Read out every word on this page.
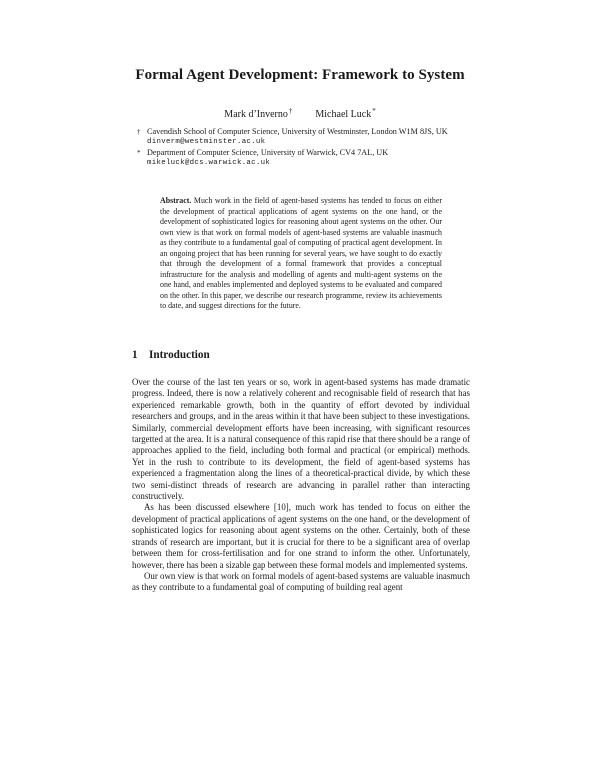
Formal Agent Development: Framework to System
Mark d’Inverno† Michael Luck*
† Cavendish School of Computer Science, University of Westminster, London W1M 8JS, UK
dinverm@westminster.ac.uk
* Department of Computer Science, University of Warwick, CV4 7AL, UK
mikeluck@dcs.warwick.ac.uk
Abstract. Much work in the field of agent-based systems has tended to focus on either the development of practical applications of agent systems on the one hand, or the development of sophisticated logics for reasoning about agent systems on the other. Our own view is that work on formal models of agent-based systems are valuable inasmuch as they contribute to a fundamental goal of computing of practical agent development. In an ongoing project that has been running for several years, we have sought to do exactly that through the development of a formal framework that provides a conceptual infrastructure for the analysis and modelling of agents and multi-agent systems on the one hand, and enables implemented and deployed systems to be evaluated and compared on the other. In this paper, we describe our research programme, review its achievements to date, and suggest directions for the future.
1 Introduction

Over the course of the last ten years or so, work in agent-based systems has made dramatic progress. Indeed, there is now a relatively coherent and recognisable field of research that has experienced remarkable growth, both in the quantity of effort devoted by individual researchers and groups, and in the areas within it that have been subject to these investigations. Similarly, commercial development efforts have been increasing, with significant resources targetted at the area. It is a natural consequence of this rapid rise that there should be a range of approaches applied to the field, including both formal and practical (or empirical) methods. Yet in the rush to contribute to its development, the field of agent-based systems has experienced a fragmentation along the lines of a theoretical-practical divide, by which these two semi-distinct threads of research are advancing in parallel rather than interacting constructively.

As has been discussed elsewhere [10], much work has tended to focus on either the development of practical applications of agent systems on the one hand, or the development of sophisticated logics for reasoning about agent systems on the other. Certainly, both of these strands of research are important, but it is crucial for there to be a significant area of overlap between them for cross-fertilisation and for one strand to inform the other. Unfortunately, however, there has been a sizable gap between these formal models and implemented systems.

Our own view is that work on formal models of agent-based systems are valuable inasmuch as they contribute to a fundamental goal of computing of building real agent
